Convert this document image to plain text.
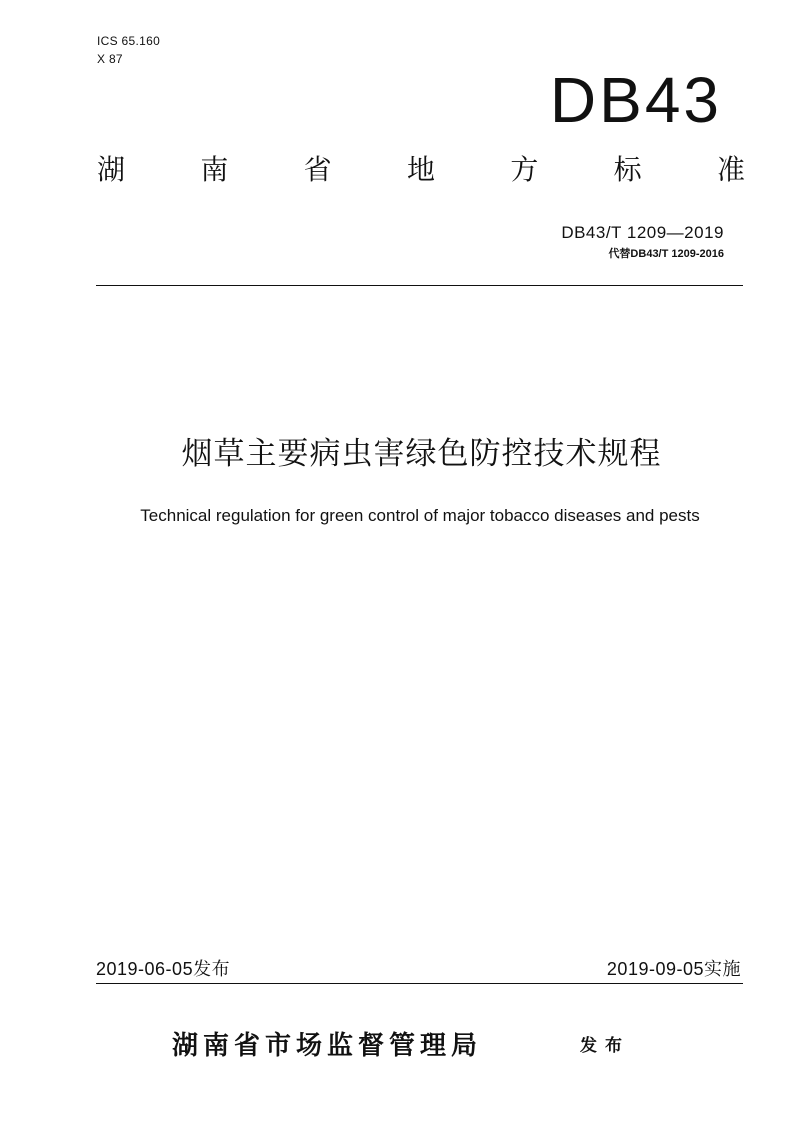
ICS 65.160
X 87
DB43
湖	南	省	地	方	标	准
DB43/T 1209—2019
代替DB43/T 1209-2016
烟草主要病虫害绿色防控技术规程
Technical regulation for green control of major tobacco diseases and pests
2019-06-05发布	2019-09-05实施
湖南省市场监督管理局	发布
